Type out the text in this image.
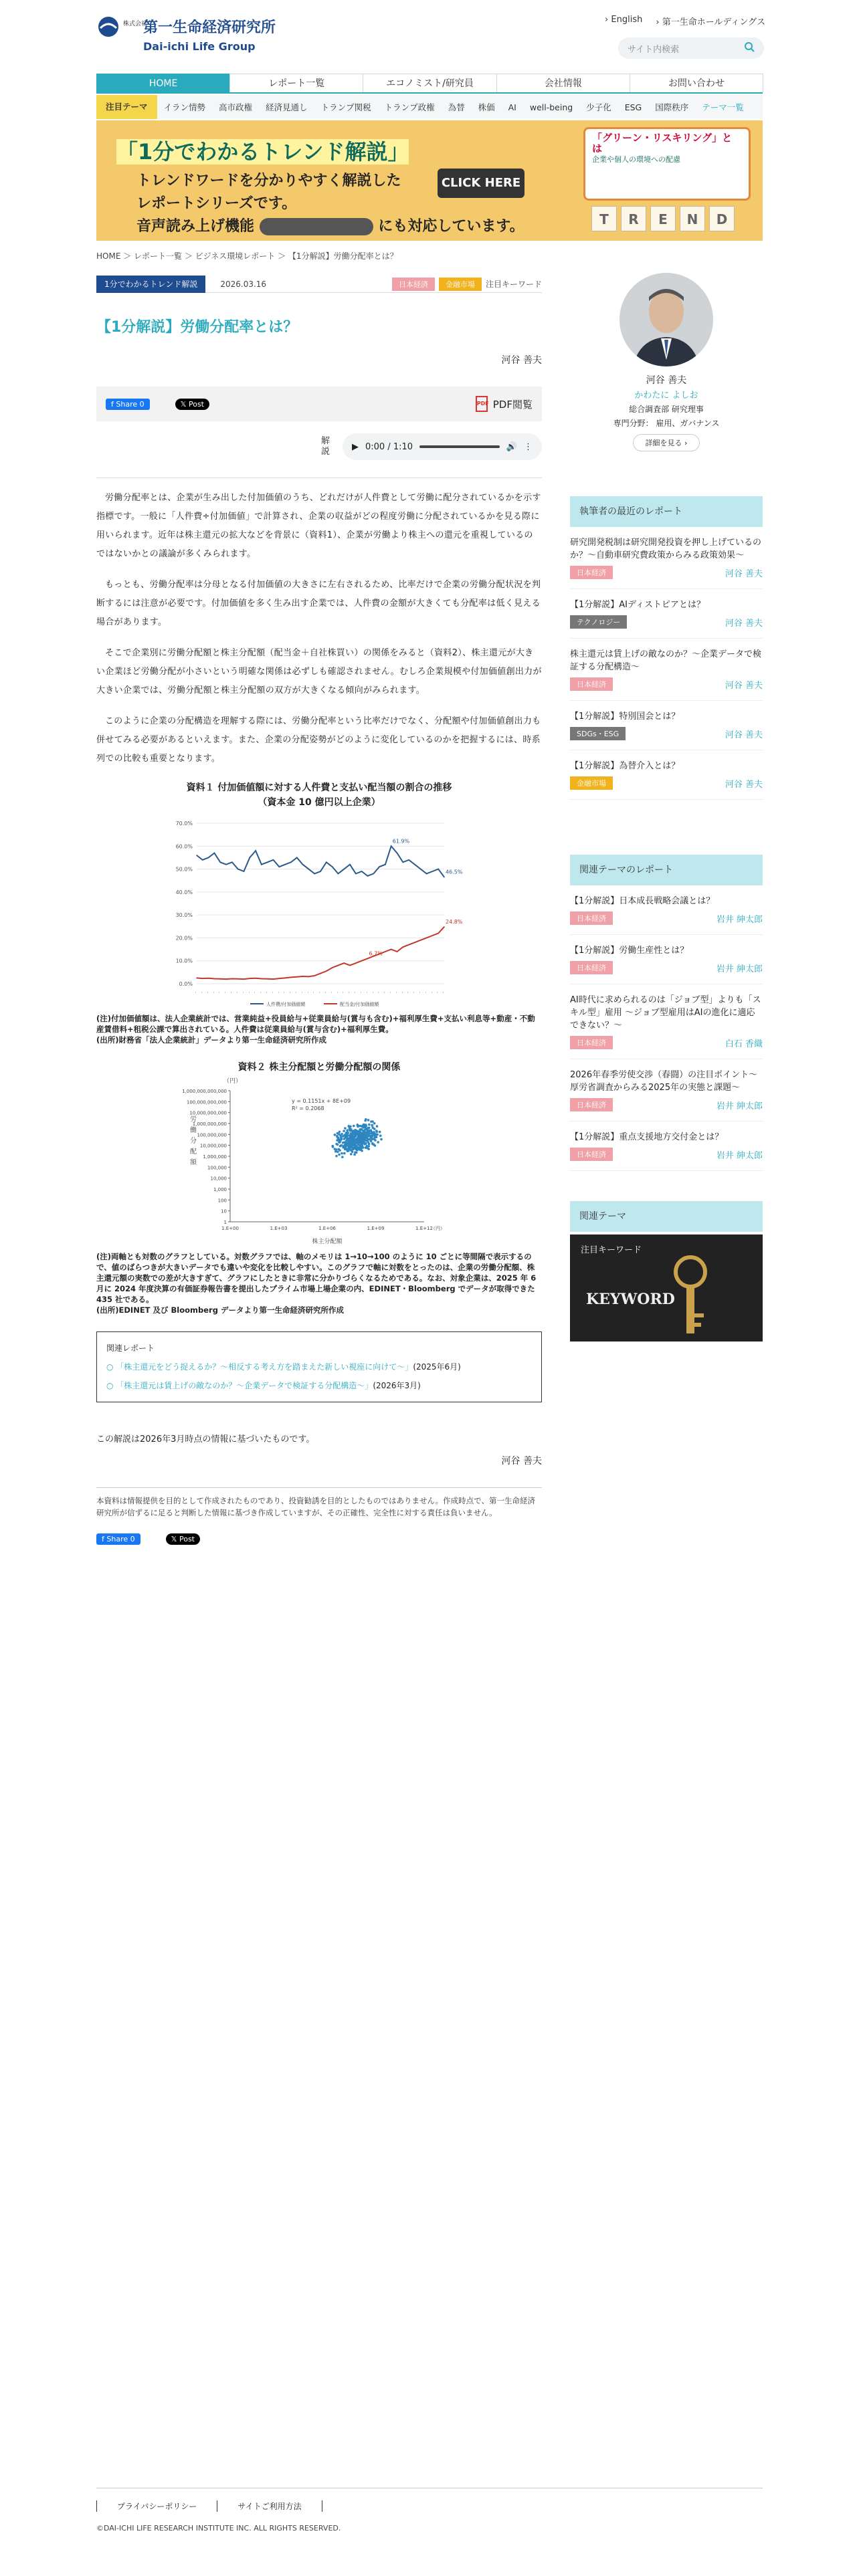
株式会社
第一生命経済研究所
Dai-ichi Life Group
› English › 第一生命ホールディングス
サイト内検索
HOME	レポート一覧	エコノミスト/研究員	会社情報	お問い合わせ
注目テーマ	イラン情勢	高市政権	経済見通し	トランプ関税	トランプ政権	為替	株価	AI	well-being	少子化	ESG	国際秩序	テーマ一覧
「1分でわかるトレンド解説」
トレンドワードを分かりやすく解説した
レポートシリーズです。
音声読み上げ機能	にも対応しています。
CLICK HERE
「グリーン・リスキリング」とは
企業や個人の環境への配慮
T	R	E	N	D
HOME ＞ レポート一覧 ＞ ビジネス環境レポート ＞ 【1分解説】労働分配率とは？
1分でわかるトレンド解説	2026.03.16	日本経済	金融市場	注目キーワード
【1分解説】労働分配率とは？
河谷 善夫
f Share 0	𝕏 Post	PDF PDF閲覧
解説	▶ 0:00 / 1:10	🔊 ⋮

労働分配率とは、企業が生み出した付加価値のうち、どれだけが人件費として労働に配分されているかを示す指標です。一般に「人件費÷付加価値」で計算され、企業の収益がどの程度労働に分配されているかを見る際に用いられます。近年は株主還元の拡大などを背景に（資料1）、企業が労働より株主への還元を重視しているのではないかとの議論が多くみられます。

もっとも、労働分配率は分母となる付加価値の大きさに左右されるため、比率だけで企業の労働分配状況を判断するには注意が必要です。付加価値を多く生み出す企業では、人件費の金額が大きくても分配率は低く見える場合があります。

そこで企業別に労働分配額と株主分配額（配当金＋自社株買い）の関係をみると（資料2）、株主還元が大きい企業ほど労働分配が小さいという明確な関係は必ずしも確認されません。むしろ企業規模や付加価値創出力が大きい企業では、労働分配額と株主分配額の双方が大きくなる傾向がみられます。

このように企業の分配構造を理解する際には、労働分配率という比率だけでなく、分配額や付加価値創出力も併せてみる必要があるといえます。また、企業の分配姿勢がどのように変化しているのかを把握するには、時系列での比較も重要となります。

資料１ 付加価値額に対する人件費と支払い配当額の割合の推移
（資本金 10 億円以上企業）
0.0%
10.0%
20.0%
30.0%
40.0%
50.0%
60.0%
70.0%
61.9%
46.5%
人件費/付加価値額
6.7%
24.8%
配当金/付加価値額
– – – – – – – – – – – – – – – – – – – – – – – – – – – – – – – – – – – – – – – – – – –
(注)付加価値額は、法人企業統計では、営業純益+役員給与+従業員給与(賞与も含む)+福利厚生費+支払い利息等+動産・不動産賃借料+租税公課で算出されている。人件費は従業員給与(賞与含む)+福利厚生費。
(出所)財務省「法人企業統計」データより第一生命経済研究所作成
資料２ 株主分配額と労働分配額の関係
（円）
1
10
100
1,000
10,000
100,000
1,000,000
10,000,000
100,000,000
1,000,000,000
10,000,000,000
100,000,000,000
1,000,000,000,000
1.E+00	1.E+03	1.E+06	1.E+09	1.E+12
（円）
株主分配額
労
働
分
配
額
y = 0.1151x + 8E+09
R² = 0.2068
(注)両軸とも対数のグラフとしている。対数グラフでは、軸のメモリは 1→10→100 のように 10 ごとに等間隔で表示するので、値のばらつきが大きいデータでも違いや変化を比較しやすい。このグラフで軸に対数をとったのは、企業の労働分配額、株主還元額の実数での差が大きすぎて、グラフにしたときに非常に分かりづらくなるためである。なお、対象企業は、2025 年 6 月に 2024 年度決算の有価証券報告書を提出したプライム市場上場企業の内、EDINET・Bloomberg でデータが取得できた 435 社である。
(出所)EDINET 及び Bloomberg データより第一生命経済研究所作成
関連レポート
○ 「株主還元をどう捉えるか？～相反する考え方を踏まえた新しい視座に向けて～」(2025年6月)
○ 「株主還元は賃上げの敵なのか？～企業データで検証する分配構造～」(2026年3月)
この解説は2026年3月時点の情報に基づいたものです。
河谷 善夫
本資料は情報提供を目的として作成されたものであり、投資勧誘を目的としたものではありません。作成時点で、第一生命経済研究所が信ずるに足ると判断した情報に基づき作成していますが、その正確性、完全性に対する責任は負いません。
f Share 0	𝕏 Post
河谷 善夫
かわたに よしお
総合調査部 研究理事
専門分野： 雇用、ガバナンス
詳細を見る ›
執筆者の最近のレポート
研究開発税制は研究開発投資を押し上げているのか？～自動車研究費政策からみる政策効果～
日本経済	河谷 善夫
【1分解説】AIディストピアとは？
テクノロジー	河谷 善夫
株主還元は賃上げの敵なのか？～企業データで検証する分配構造～
日本経済	河谷 善夫
【1分解説】特別国会とは？
SDGs・ESG	河谷 善夫
【1分解説】為替介入とは？
金融市場	河谷 善夫
関連テーマのレポート
【1分解説】日本成長戦略会議とは？
日本経済	岩井 紳太郎
【1分解説】労働生産性とは？
日本経済	岩井 紳太郎
AI時代に求められるのは「ジョブ型」よりも「スキル型」雇用 ～ジョブ型雇用はAIの進化に適応できない？～
日本経済	白石 香織
2026年春季労使交渉（春闘）の注目ポイント～厚労省調査からみる2025年の実態と課題～
日本経済	岩井 紳太郎
【1分解説】重点支援地方交付金とは？
日本経済	岩井 紳太郎
関連テーマ
注目キーワード
KEYWORD
プライバシーポリシー	サイトご利用方法
©DAI-ICHI LIFE RESEARCH INSTITUTE INC. ALL RIGHTS RESERVED.
